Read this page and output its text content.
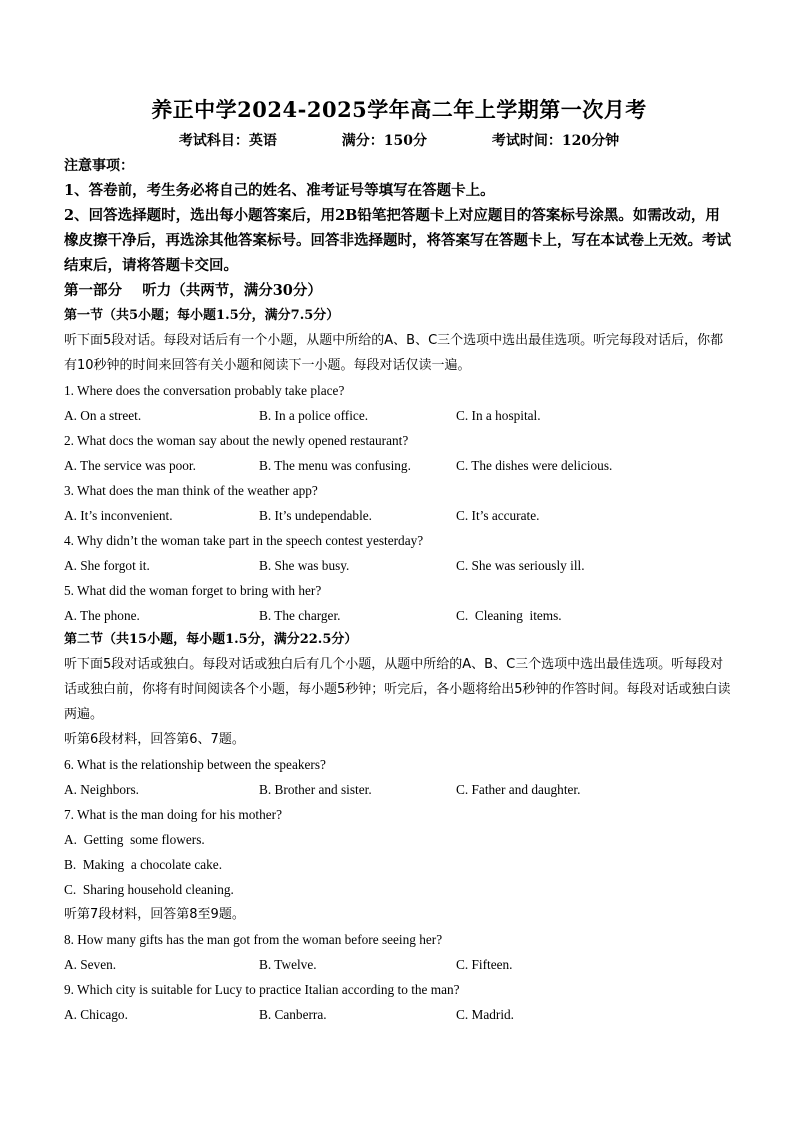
养正中学2024-2025学年高二年上学期第一次月考
考试科目：英语	满分：150分	考试时间：120分钟
注意事项：

1、答卷前，考生务必将自己的姓名、准考证号等填写在答题卡上。

2、回答选择题时，选出每小题答案后，用2B铅笔把答题卡上对应题目的答案标号涂黑。如需改动，用橡皮擦干净后，再选涂其他答案标号。回答非选择题时，将答案写在答题卡上，写在本试卷上无效。考试结束后，请将答题卡交回。

第一部分    听力（共两节，满分30分）
第一节（共5小题；每小题1.5分，满分7.5分）

听下面5段对话。每段对话后有一个小题，从题中所给的A、B、C三个选项中选出最佳选项。听完每段对话后，你都有10秒钟的时间来回答有关小题和阅读下一小题。每段对话仅读一遍。

1. Where does the conversation probably take place?
A. On a street.	B. In a police office.	C. In a hospital.
2. What docs the woman say about the newly opened restaurant?
A. The service was poor.	B. The menu was confusing.	C. The dishes were delicious.
3. What does the man think of the weather app?
A. It’s inconvenient.	B. It’s undependable.	C. It’s accurate.
4. Why didn’t the woman take part in the speech contest yesterday?
A. She forgot it.	B. She was busy.	C. She was seriously ill.
5. What did the woman forget to bring with her?
A. The phone.	B. The charger.	C.  Cleaning  items.
第二节（共15小题，每小题1.5分，满分22.5分）

听下面5段对话或独白。每段对话或独白后有几个小题，从题中所给的A、B、C三个选项中选出最佳选项。听每段对话或独白前，你将有时间阅读各个小题，每小题5秒钟；听完后，各小题将给出5秒钟的作答时间。每段对话或独白读两遍。

听第6段材料，回答第6、7题。
6. What is the relationship between the speakers?
A. Neighbors.	B. Brother and sister.	C. Father and daughter.
7. What is the man doing for his mother?
A.  Getting  some flowers.
B.  Making  a chocolate cake.
C.  Sharing household cleaning.
听第7段材料，回答第8至9题。
8. How many gifts has the man got from the woman before seeing her?
A. Seven.	B. Twelve.	C. Fifteen.
9. Which city is suitable for Lucy to practice Italian according to the man?
A. Chicago.	B. Canberra.	C. Madrid.
